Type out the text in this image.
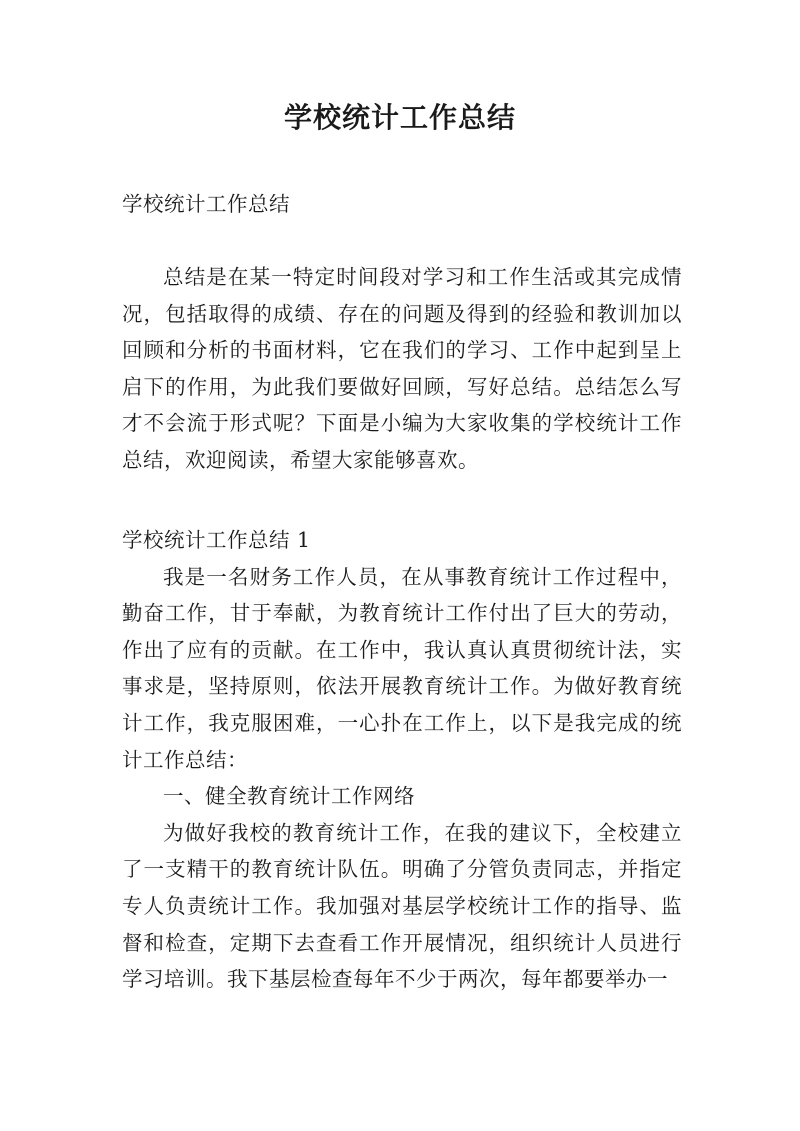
学校统计工作总结
学校统计工作总结

总结是在某一特定时间段对学习和工作生活或其完成情况，包括取得的成绩、存在的问题及得到的经验和教训加以回顾和分析的书面材料，它在我们的学习、工作中起到呈上启下的作用，为此我们要做好回顾，写好总结。总结怎么写才不会流于形式呢？下面是小编为大家收集的学校统计工作总结，欢迎阅读，希望大家能够喜欢。

学校统计工作总结 1

我是一名财务工作人员，在从事教育统计工作过程中，勤奋工作，甘于奉献，为教育统计工作付出了巨大的劳动，作出了应有的贡献。在工作中，我认真认真贯彻统计法，实事求是，坚持原则，依法开展教育统计工作。为做好教育统计工作，我克服困难，一心扑在工作上，以下是我完成的统计工作总结：

一、健全教育统计工作网络

为做好我校的教育统计工作，在我的建议下，全校建立了一支精干的教育统计队伍。明确了分管负责同志，并指定专人负责统计工作。我加强对基层学校统计工作的指导、监督和检查，定期下去查看工作开展情况，组织统计人员进行学习培训。我下基层检查每年不少于两次，每年都要举办一
